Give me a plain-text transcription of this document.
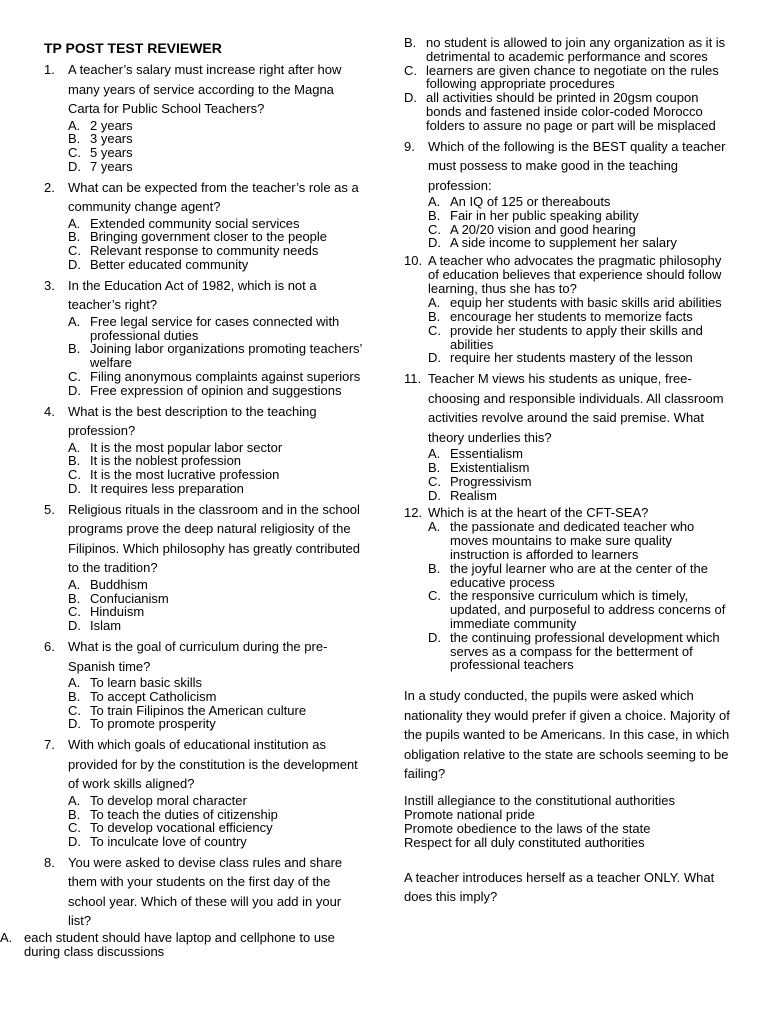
TP POST TEST REVIEWER
1.	A teacher’s salary must increase right after how many years of service according to the Magna Carta for Public School Teachers?
A. 2 years
B. 3 years
C. 5 years
D. 7 years
2.	What can be expected from the teacher’s role as a community change agent?
A. Extended community social services
B. Bringing government closer to the people
C. Relevant response to community needs
D. Better educated community
3.	In the Education Act of 1982, which is not a teacher’s right?
A. Free legal service for cases connected with professional duties
B. Joining labor organizations promoting teachers’ welfare
C. Filing anonymous complaints against superiors
D. Free expression of opinion and suggestions
4.	What is the best description to the teaching profession?
A. It is the most popular labor sector
B. It is the noblest profession
C. It is the most lucrative profession
D. It requires less preparation
5.	Religious rituals in the classroom and in the school programs prove the deep natural religiosity of the Filipinos. Which philosophy has greatly contributed to the tradition?
A. Buddhism
B. Confucianism
C. Hinduism
D. Islam
6.	What is the goal of curriculum during the pre-Spanish time?
A. To learn basic skills
B. To accept Catholicism
C. To train Filipinos the American culture
D. To promote prosperity
7.	With which goals of educational institution as provided for by the constitution is the development of work skills aligned?
A. To develop moral character
B. To teach the duties of citizenship
C. To develop vocational efficiency
D. To inculcate love of country
8.	You were asked to devise class rules and share them with your students on the first day of the school year. Which of these will you add in your list?
A. each student should have laptop and cellphone to use during class discussions
B. no student is allowed to join any organization as it is detrimental to academic performance and scores
C. learners are given chance to negotiate on the rules following appropriate procedures
D. all activities should be printed in 20gsm coupon bonds and fastened inside color-coded Morocco folders to assure no page or part will be misplaced
9.	Which of the following is the BEST quality a teacher must possess to make good in the teaching profession:
A. An IQ of 125 or thereabouts
B. Fair in her public speaking ability
C. A 20/20 vision and good hearing
D. A side income to supplement her salary
10. A teacher who advocates the pragmatic philosophy of education believes that experience should follow learning, thus she has to?
A. equip her students with basic skills arid abilities
B. encourage her students to memorize facts
C. provide her students to apply their skills and abilities
D. require her students mastery of the lesson
11. Teacher M views his students as unique, free-choosing and responsible individuals. All classroom activities revolve around the said premise. What theory underlies this?
A. Essentialism
B. Existentialism
C. Progressivism
D. Realism
12. Which is at the heart of the CFT-SEA?
A. the passionate and dedicated teacher who moves mountains to make sure quality instruction is afforded to learners
B. the joyful learner who are at the center of the educative process
C. the responsive curriculum which is timely, updated, and purposeful to address concerns of immediate community
D. the continuing professional development which serves as a compass for the betterment of professional teachers
In a study conducted, the pupils were asked which nationality they would prefer if given a choice. Majority of the pupils wanted to be Americans. In this case, in which obligation relative to the state are schools seeming to be failing?
Instill allegiance to the constitutional authorities
Promote national pride
Promote obedience to the laws of the state
Respect for all duly constituted authorities
A teacher introduces herself as a teacher ONLY. What does this imply?
